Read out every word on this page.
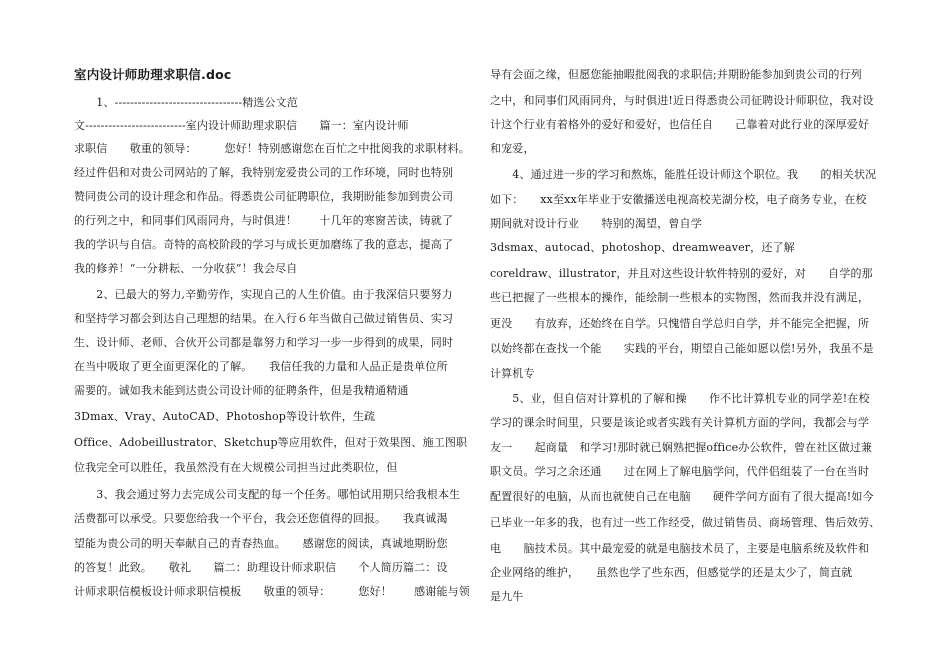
室内设计师助理求职信.doc
　　1、---------------------------------精选公文范
文--------------------------室内设计师助理求职信　　篇一：室内设计师
求职信　　敬重的领导：　　　您好！特别感谢您在百忙之中批阅我的求职材料。
经过件侣和对贵公司网站的了解，我特别宠爱贵公司的工作环境，同时也特别
赞同贵公司的设计理念和作品。得悉贵公司征聘职位，我期盼能参加到贵公司
的行列之中，和同事们风雨同舟，与时俱进！　　十几年的寒窗苦读，铸就了
我的学识与自信。奇特的高校阶段的学习与成长更加磨练了我的意志，提高了
我的修养！“一分耕耘、一分收获”！我会尽自
　　2、已最大的努力,辛勤劳作，实现自己的人生价值。由于我深信只要努力
和坚持学习都会到达自己理想的结果。在入行６年当做自己做过销售员、实习
生、设计师、老师、合伙开公司都是靠努力和学习一步一步得到的成果，同时
在当中吸取了更全面更深化的了解。　　我信任我的力量和人品正是贵单位所
需要的。诚如我未能到达贵公司设计师的征聘条件，但是我精通精通
3Dmax、Vray、AutoCAD、Photoshop等设计软件，生疏
Office、Adobeillustrator、Sketchup等应用软件，但对于效果图、施工图职
位我完全可以胜任，我虽然没有在大规模公司担当过此类职位，但
　　3、我会通过努力去完成公司支配的每一个任务。哪怕试用期只给我根本生
活费都可以承受。只要您给我一个平台，我会还您值得的回报。　　我真诚渴
望能为贵公司的明天奉献自己的青春热血。　　感谢您的阅读，真诚地期盼您
的答复！此致。　　敬礼　　篇二：助理设计师求职信　　个人简历篇二：设
计师求职信模板设计师求职信模板　　敬重的领导：　　　您好！　　感谢能与领
导有会面之缘，但愿您能抽暇批阅我的求职信;并期盼能参加到贵公司的行列
之中，和同事们风雨同舟，与时俱进!近日得悉贵公司征聘设计师职位，我对设
计这个行业有着格外的爱好和爱好，也信任自　　己靠着对此行业的深厚爱好
和宠爱，
　　4、通过进一步的学习和熬炼，能胜任设计师这个职位。我　　的相关状况
如下：　　xx至xx年毕业于安徽播送电视高校芜湖分校，电子商务专业，在校
期间就对设计行业　　特别的渴望，曾自学
3dsmax、autocad、photoshop、dreamweaver，还了解
coreldraw、illustrator，并且对这些设计软件特别的爱好，对　　自学的那
些已把握了一些根本的操作，能绘制一些根本的实物图，然而我并没有满足，
更没　　有放弃，还始终在自学。只愧惜自学总归自学，并不能完全把握，所
以始终都在查找一个能　　实践的平台，期望自己能如愿以偿!另外，我虽不是
计算机专
　　5、业，但自信对计算机的了解和操　　作不比计算机专业的同学差!在校
学习的课余时间里，只要是该论或者实践有关计算机方面的学问，我都会与学
友一　　起商量　和学习!那时就已娴熟把握office办公软件，曾在社区做过兼
职文员。学习之余还通　　过在网上了解电脑学问，代伴侣组装了一台在当时
配置很好的电脑，从而也就使自己在电脑　　硬件学问方面有了很大提高!如今
已毕业一年多的我，也有过一些工作经受，做过销售员、商场管理、售后效劳、
电　　脑技术员。其中最宠爱的就是电脑技术员了，主要是电脑系统及软件和
企业网络的维护，　　虽然也学了些东西，但感觉学的还是太少了，简直就
是九牛
